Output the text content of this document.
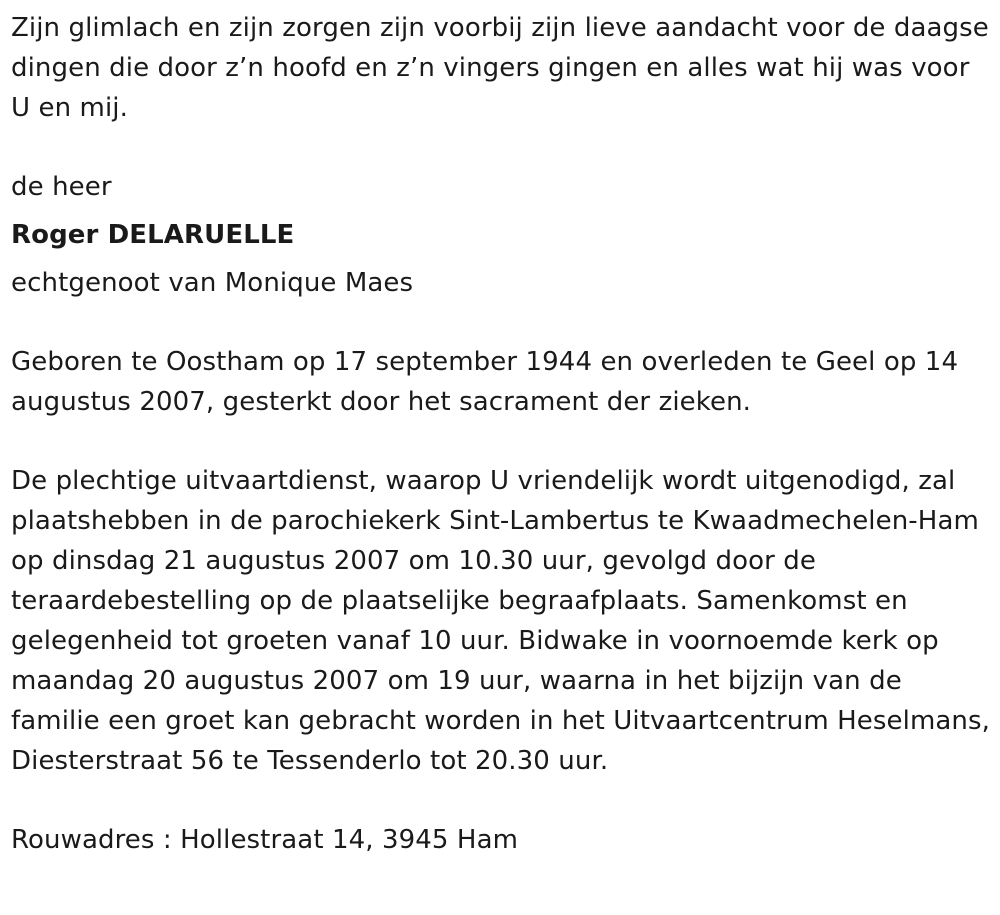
Zijn glimlach en zijn zorgen zijn voorbij zijn lieve aandacht voor de daagse dingen die door z’n hoofd en z’n vingers gingen en alles wat hij was voor U en mij.

de heer

Roger DELARUELLE

echtgenoot van Monique Maes

Geboren te Oostham op 17 september 1944 en overleden te Geel op 14 augustus 2007, gesterkt door het sacrament der zieken.

De plechtige uitvaartdienst, waarop U vriendelijk wordt uitgenodigd, zal plaatshebben in de parochiekerk Sint-Lambertus te Kwaadmechelen-Ham op dinsdag 21 augustus 2007 om 10.30 uur, gevolgd door de teraardebestelling op de plaatselijke begraafplaats. Samenkomst en gelegenheid tot groeten vanaf 10 uur. Bidwake in voornoemde kerk op maandag 20 augustus 2007 om 19 uur, waarna in het bijzijn van de familie een groet kan gebracht worden in het Uitvaartcentrum Heselmans, Diesterstraat 56 te Tessenderlo tot 20.30 uur.

Rouwadres : Hollestraat 14, 3945 Ham
